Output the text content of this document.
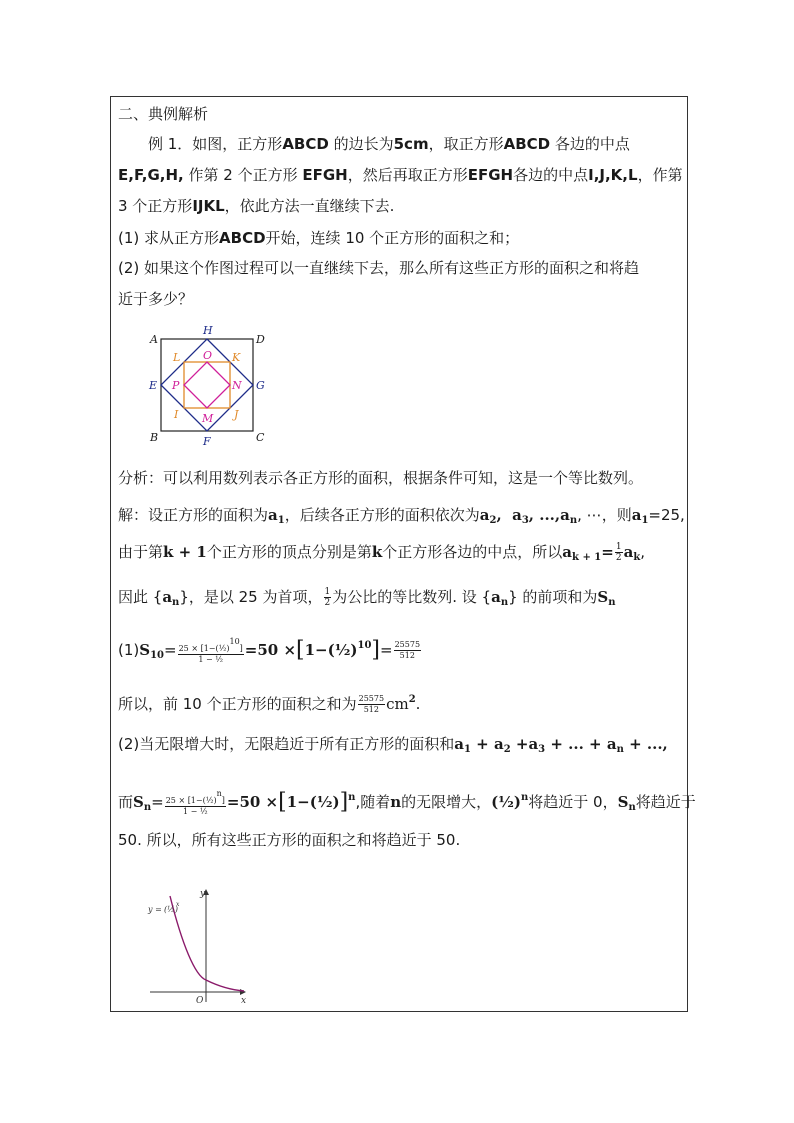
二、典例解析
例 1．如图，正方形ABCD 的边长为5cm，取正方形ABCD 各边的中点
E,F,G,H, 作第 2 个正方形 EFGH，然后再取正方形EFGH各边的中点I,J,K,L，作第
3 个正方形IJKL，依此方法一直继续下去.
(1) 求从正方形ABCD开始，连续 10 个正方形的面积之和；
(2) 如果这个作图过程可以一直继续下去，那么所有这些正方形的面积之和将趋
近于多少？
A	D
B	C
H
F
E	G
L	K
I	J
O
M
P	N
分析：可以利用数列表示各正方形的面积，根据条件可知，这是一个等比数列。
解：设正方形的面积为$a_1$，后续各正方形的面积依次为$a_2$,  $a_3$, $...,a_n$, ⋯，则$a_1=25$,
由于第k + 1个正方形的顶点分别是第k个正方形各边的中点，所以$a_{k + 1}= \frac{1}{2} a_k$,
因此 $\{a_n\}$，是以 25 为首项， $\frac{1}{2}$ 为公比的等比数列. 设 $\{a_n\}$ 的前项和为$S_n$
$(1)S_{10}= \frac{25 \times [1-(\frac{1}{2})^{10}]}{\text{1 − ½}} =50$ ×[1−(½)$^{10}$]= $\frac{25575}{512}$
所以，前 10 个正方形的面积之和为 $\frac{25575}{512} cm^2$.
(2)当无限增大时，无限趋近于所有正方形的面积和$a_1 + a_2 +a_3$ + ... + $a_n$ + ...,
而$S_n= \frac{25 \times [1-(\frac{1}{2})^n]}{\text{1 − ½}} =50$ ×[1−(½)]$^n$,随着n的无限增大，(½)$^n$将趋近于 0，$S_n$将趋近于
50. 所以，所有这些正方形的面积之和将趋近于 50.
y
x
O
y = (½)
x
